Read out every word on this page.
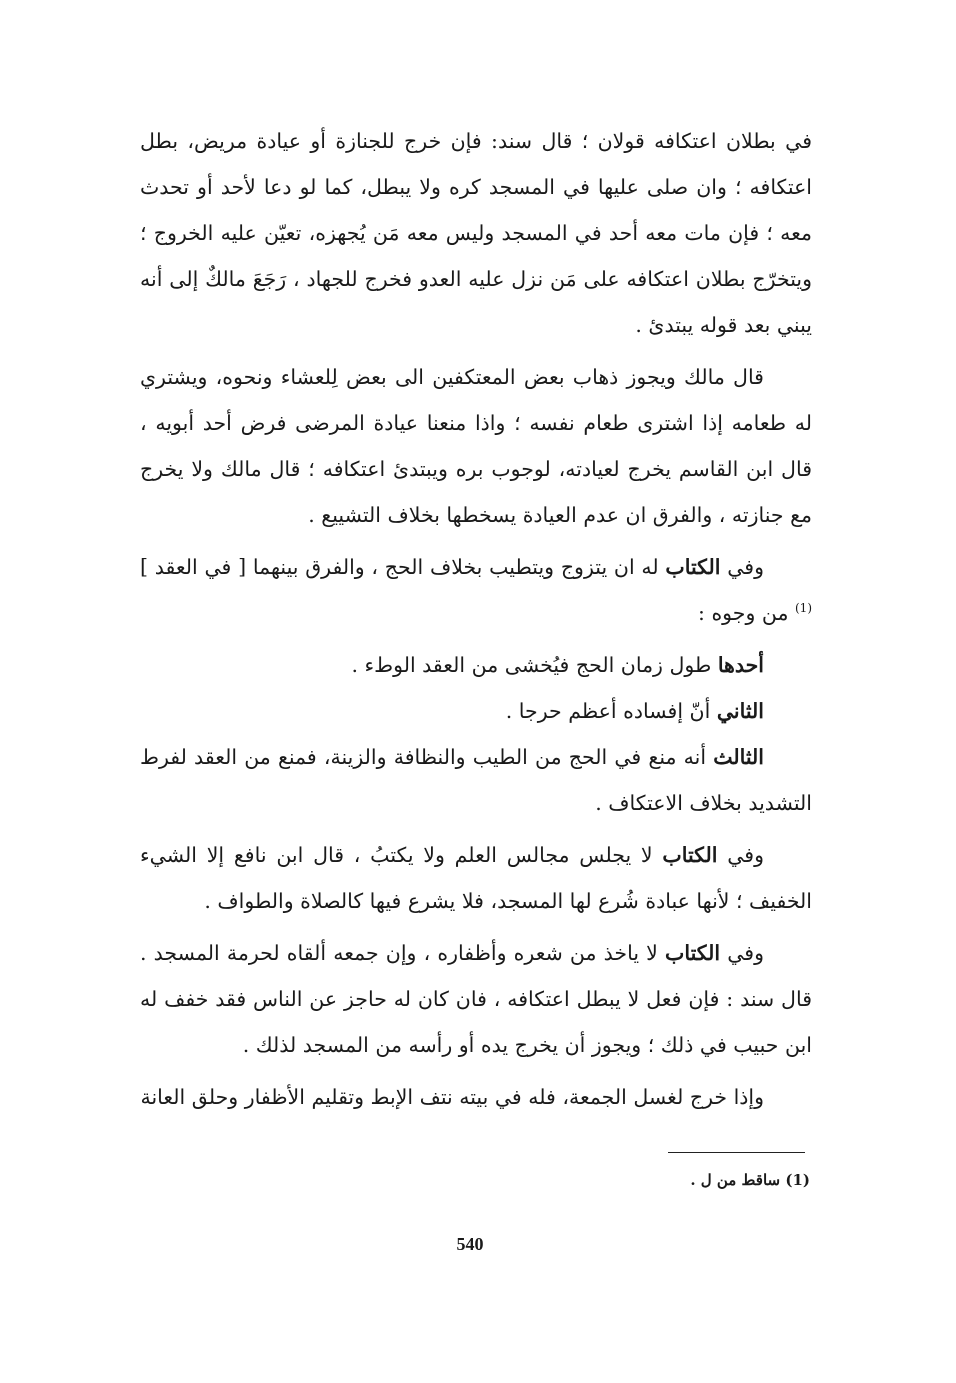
في بطلان اعتكافه قولان ؛ قال سند: فإن خرج للجنازة أو عيادة مريض، بطل اعتكافه ؛ وان صلى عليها في المسجد كره ولا يبطل، كما لو دعا لأحد أو تحدث معه ؛ فإن مات معه أحد في المسجد وليس معه مَن يُجهزه، تعيّن عليه الخروج ؛ ويتخرّج بطلان اعتكافه على مَن نزل عليه العدو فخرج للجهاد ، رَجَعَ مالكٌ إلى أنه يبني بعد قوله يبتدئ .

قال مالك ويجوز ذهاب بعض المعتكفين الى بعض لِلعشاء ونحوه، ويشتري له طعامه إذا اشترى طعام نفسه ؛ واذا منعنا عيادة المرضى فرض أحد أبويه ، قال ابن القاسم يخرج لعيادته، لوجوب بره ويبتدئ اعتكافه ؛ قال مالك ولا يخرج مع جنازته ، والفرق ان عدم العيادة يسخطها بخلاف التشييع .

وفي الكتاب له ان يتزوج ويتطيب بخلاف الحج ، والفرق بينهما [ في العقد ]$^{(1)}$ من وجوه :

أحدها طول زمان الحج فيُخشى من العقد الوطء .

الثاني أنّ إفساده أعظم حرجا .

الثالث أنه منع في الحج من الطيب والنظافة والزينة، فمنع من العقد لفرط التشديد بخلاف الاعتكاف .

وفي الكتاب لا يجلس مجالس العلم ولا يكتبُ ، قال ابن نافع إلا الشيء الخفيف ؛ لأنها عبادة شُرع لها المسجد، فلا يشرع فيها كالصلاة والطواف .

وفي الكتاب لا ياخذ من شعره وأظفاره ، وإن جمعه ألقاه لحرمة المسجد . قال سند : فإن فعل لا يبطل اعتكافه ، فان كان له حاجز عن الناس فقد خفف له ابن حبيب في ذلك ؛ ويجوز أن يخرج يده أو رأسه من المسجد لذلك .

وإذا خرج لغسل الجمعة، فله في بيته نتف الإبط وتقليم الأظفار وحلق العانة

(1) ساقط من ل .
540
